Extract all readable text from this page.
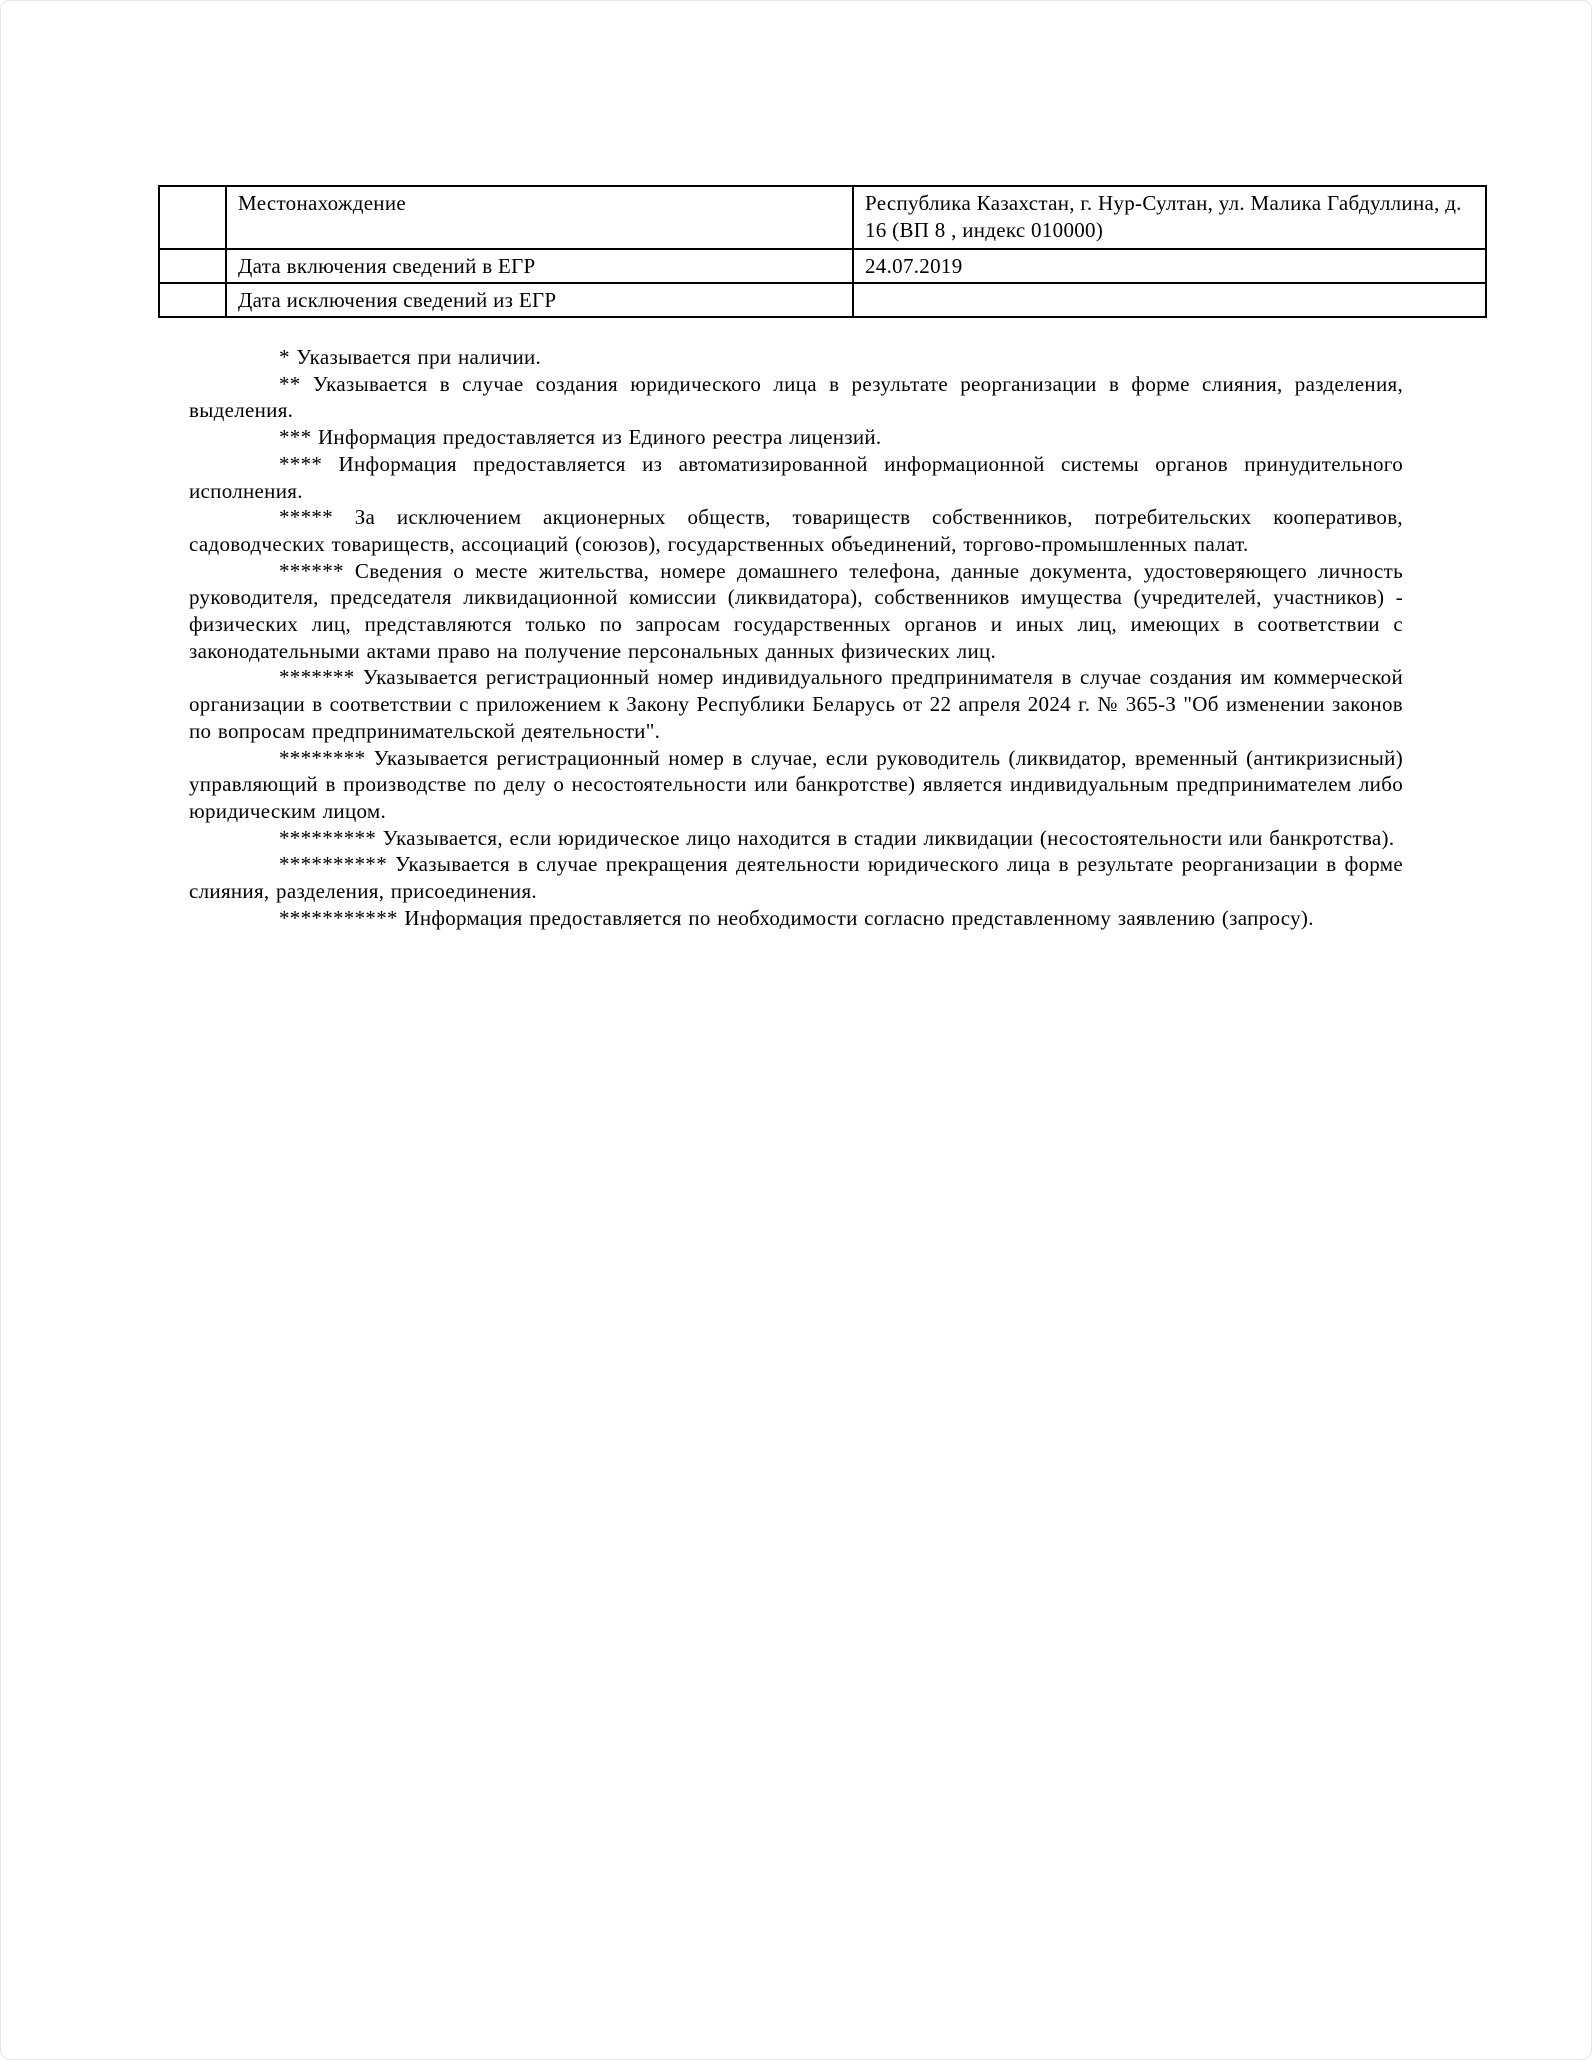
	Местонахождение	Республика Казахстан, г. Нур-Султан, ул. Малика Габдуллина, д. 16 (ВП 8 , индекс 010000)
	Дата включения сведений в ЕГР	24.07.2019
	Дата исключения сведений из ЕГР	

* Указывается при наличии.

** Указывается в случае создания юридического лица в результате реорганизации в форме слияния, разделения, выделения.

*** Информация предоставляется из Единого реестра лицензий.

**** Информация предоставляется из автоматизированной информационной системы органов принудительного исполнения.

***** За исключением акционерных обществ, товариществ собственников, потребительских кооперативов, садоводческих товариществ, ассоциаций (союзов), государственных объединений, торгово-промышленных палат.

****** Сведения о месте жительства, номере домашнего телефона, данные документа, удостоверяющего личность руководителя, председателя ликвидационной комиссии (ликвидатора), собственников имущества (учредителей, участников) - физических лиц, представляются только по запросам государственных органов и иных лиц, имеющих в соответствии с законодательными актами право на получение персональных данных физических лиц.

******* Указывается регистрационный номер индивидуального предпринимателя в случае создания им коммерческой организации в соответствии с приложением к Закону Республики Беларусь от 22 апреля 2024 г. № 365-З "Об изменении законов по вопросам предпринимательской деятельности".

******** Указывается регистрационный номер в случае, если руководитель (ликвидатор, временный (антикризисный) управляющий в производстве по делу о несостоятельности или банкротстве) является индивидуальным предпринимателем либо юридическим лицом.

********* Указывается, если юридическое лицо находится в стадии ликвидации (несостоятельности или банкротства).

********** Указывается в случае прекращения деятельности юридического лица в результате реорганизации в форме слияния, разделения, присоединения.

*********** Информация предоставляется по необходимости согласно представленному заявлению (запросу).
